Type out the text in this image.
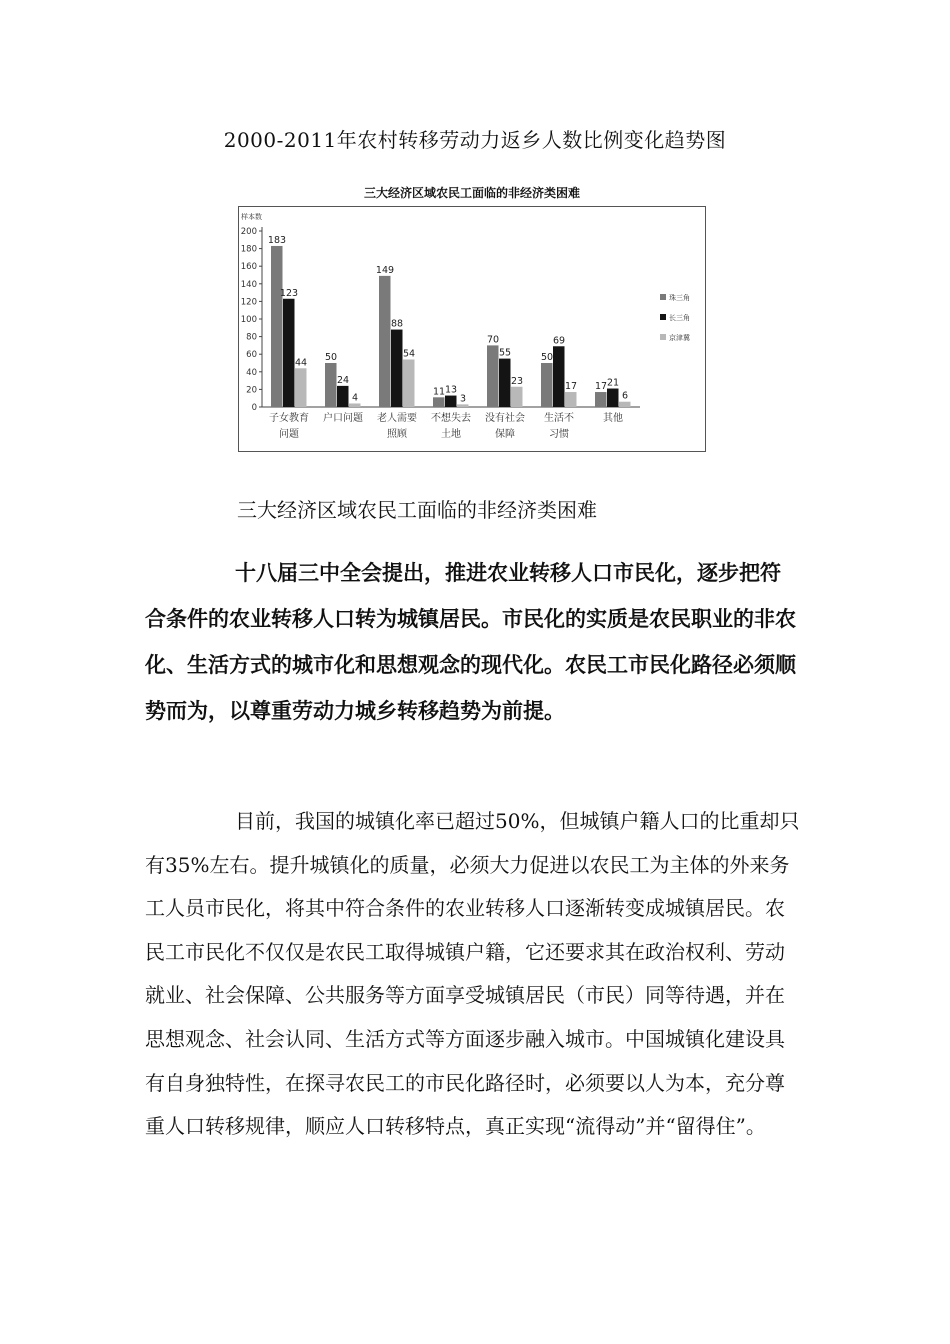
2000-2011年农村转移劳动力返乡人数比例变化趋势图
三大经济区域农民工面临的非经济类困难
样本数
0
20
40
60
80
100
120
140
160
180
200
183
123
44
子女教育
问题
50
24
4
户口问题
149
88
54
老人需要
照顾
11 13
3
不想失去
土地
70
55
23
没有社会
保障
50
69
17
生活不
习惯
17 21
6
其他
珠三角
长三角
京津冀
三大经济区域农民工面临的非经济类困难

十八届三中全会提出，推进农业转移人口市民化，逐步把符合条件的农业转移人口转为城镇居民。市民化的实质是农民职业的非农化、生活方式的城市化和思想观念的现代化。农民工市民化路径必须顺势而为，以尊重劳动力城乡转移趋势为前提。

目前，我国的城镇化率已超过50%，但城镇户籍人口的比重却只有35%左右。提升城镇化的质量，必须大力促进以农民工为主体的外来务工人员市民化，将其中符合条件的农业转移人口逐渐转变成城镇居民。农民工市民化不仅仅是农民工取得城镇户籍，它还要求其在政治权利、劳动就业、社会保障、公共服务等方面享受城镇居民（市民）同等待遇，并在思想观念、社会认同、生活方式等方面逐步融入城市。中国城镇化建设具有自身独特性，在探寻农民工的市民化路径时，必须要以人为本，充分尊重人口转移规律，顺应人口转移特点，真正实现“流得动”并“留得住”。
